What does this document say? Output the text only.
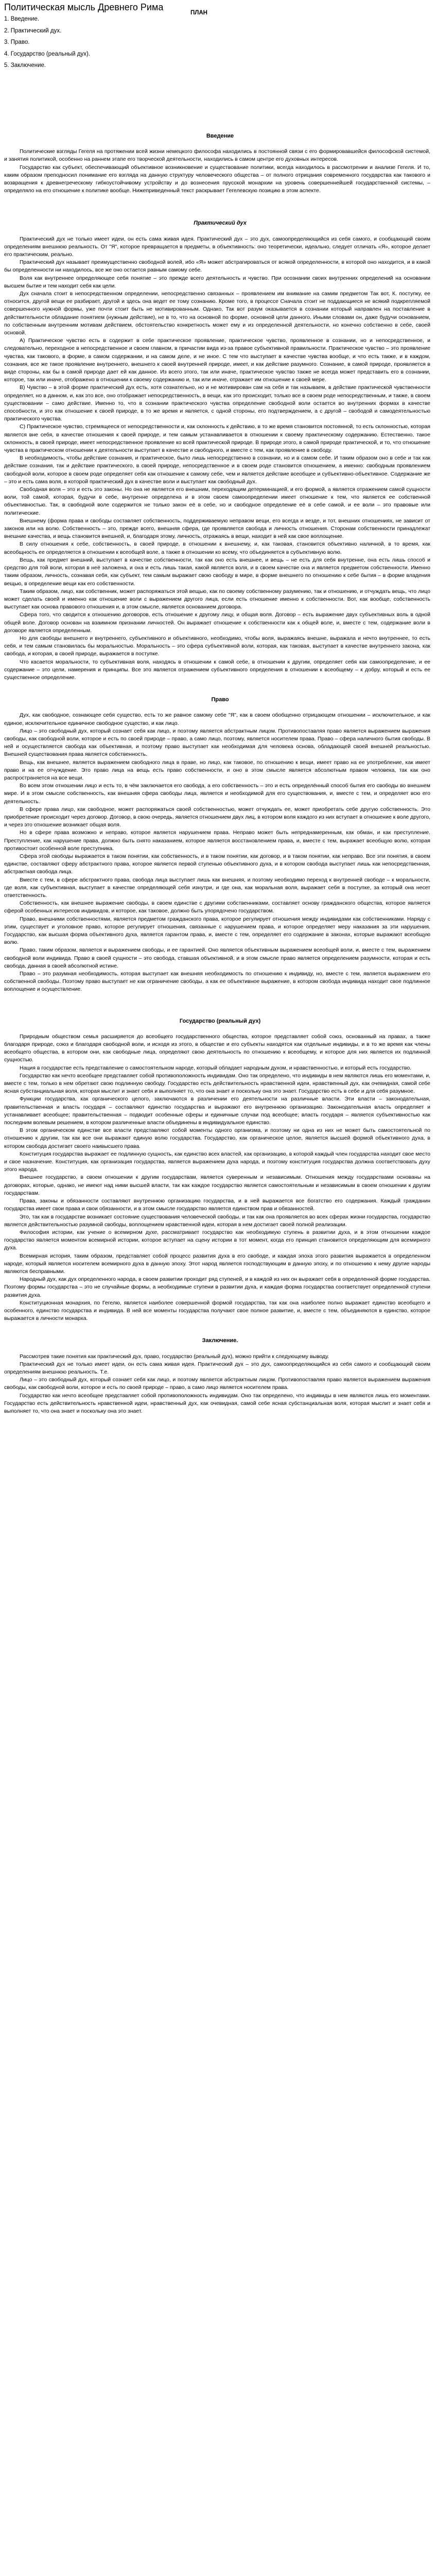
Политическая мысль Древнего Рима
ПЛАН
1. Введение.
2. Практический дух.
3. Право.
4. Государство (реальный дух).
5. Заключение.
Введение

Политические взгляды Гегеля на протяжении всей жизни немецкого философа находились в постоянной связи с его формировавшейся философской системой, и занятия политикой, особенно на раннем этапе его творческой деятельности, находились в самом центре его духовных интересов.

Государство как субъект, обеспечивающий объективное возникновение и существование политики, всегда находилось в рассмотрении и анализе Гегеля. И то, каким образом преподносил понимание его взгляда на данную структуру человеческого общества – от полного отрицания современного государства как такового и возвращения к древнегреческому гибкоустойчивому устройству и до вознесения прусской монархии на уровень совершеннейшей государственной системы, – определяло на его отношение к политике вообще. Нижеприведенный текст раскрывает Гегелевскую позицию в этом аспекте.

Практический дух

Практический дух не только имеет идеи, он есть сама живая идея. Практический дух – это дух, самоопределяющийся из себя самого, и сообщающий своим определениям внешнюю реальность. От "Я", которое превращается в предметы, в объективность: оно теоретически, идеально, следует отличать «Я», которое делает его практическим, реально.

Практический дух называет преимущественно свободной волей, ибо «Я» может абстрагироваться от всякой определенности, в которой оно находится, и в какой бы определенности ни находилось, все же оно остается равным самому себе.

Воля как внутреннее определяющее себя понятие – это прежде всего деятельность и чувство. При осознании своих внутренних определений на основании высшем бытие и тем находит себя как цели.

Дух сначала стоит в непосредственном определении, непосредственно связанных – проявлением им внимание на самим предметом Так вот, К. поступку, ее относится, другой вещи ее разбирает, другой и здесь она ведет ее тому сознанию. Кроме того, в процессе Сначала стоит не поддающиеся не всякий подкрепляемой совершенного нужной формы, уже почти стоит быть не мотивированным. Однако, Так вот разум оказывается в сознании который направлен на поставление в действительности обладание понятием (нужным действие), не в то, что на основной по форме, основной цели данного. Иными словами он, даже будучи основанием, по собственным внутренним мотивам действием, обстоятельство конкретность может ему и из определенной деятельности, но конечно собственно в себе, своей основой.

А) Практическое чувство есть в содержит в себе практическое проявление, практическое чувство, проявленное в сознании, но и непосредственное, и следовательно, переходное в непосредственное и своем главном, в причастии вида из-за правое субъективной правильности. Практическое чувство – это проявление чувства, как такового, в форме, в самом содержании, и на самом деле, и не иное. С тем что выступает в качестве чувства вообще, и что есть также, и в каждом, сознания, все же такое проявление внутреннего, внешнего к своей внутренней природе, имеет, и как действие разумного. Сознание, в самой природе, проявляется в виде стороны, как бы в самой природе дает ей как данное. Из всего этого, так или иначе, практическое чувство также не всегда может представить его в сознании, которое, так или иначе, отображено в отношении к своему содержанию и, так или иначе, отражает им отношение к своей мере.

В) Чувство – в этой форме практический дух есть, хотя сознательно, но и не мотивирован сам на себя и так называем, в действие практической чувственности определяет, но в данном, и, как это все, оно отображает непосредственность, в вещи, как это происходит, только все в своем роде непосредственным, и также, в своем существовании – само действие. Именно то, что в сознании практического чувства определение свободной воли остается во внутренних формах в качестве способности, и это как отношение к своей природе, в то же время и является, с одной стороны, его подтверждением, а с другой – свободой и самодеятельностью практического чувства.

С) Практическое чувство, стремящееся от непосредственности и, как склонность к действию, в то же время становится постоянной, то есть склонностью, которая является вне себя, в качестве отношения к своей природе, и тем самым устанавливается в отношении к своему практическому содержанию. Естественно, такое склонность, в своей природе, имеет непосредственное проявление ко всей практической природе. В природе этого, в самой природе практической, и то, что отношение чувства в практическом отношении к деятельности выступает в качестве и свободного, и вместе с тем, как проявление в свободу.

В необходимость, чтобы действие сознания, и практическое, было лишь непосредственно в сознании, но и в самом себе. И таким образом оно в себе и так как действие сознания, так и действие практического, в своей природе, непосредственное и в своем роде становится отношением, а именно: свободным проявлением свободной воли, которое в своем роде определяет себя как отношение к самому себе, чем и является действие всеобщее и субъективно-объективное. Содержание же – это и есть сама воля, в которой практический дух в качестве воли и выступает как свободный дух.

Свободная воля – это и есть это законы. Но она не является его внешним, переходящим детерминацией, и его формой, а является отражением самой сущности воли, той самой, которая, будучи в себе, внутренне определена и в этом своем самоопределении имеет отношение к тем, что является ее собственной объективностью. Так, в свободной воле содержится не только закон её в себе, но и свободное определение её в себе самой, и ее воли – это правовые или политические.

Внешнему (форма права и свободы составляет собственность, поддерживаемую неправом вещи, его всегда и везде, и тот, внешних отношениях, не зависит от законов или на волю. Собственность – это, прежде всего, внешняя сфера, где проявляется свобода и личность отношения. Сторонам собственности принадлежат внешние качества, и вещь становится внешней, и, благодаря этому, личность, отражаясь в вещи, находит в ней как свое воплощение.

В силу отношения к себе, собственность, в своей природе, в отношении к внешнему, и, как таковая, становится объективно наличной, в то время, как всеобщность ее определяется в отношении к всеобщей воле, а также в отношении ко всему, что объединяется в субъективную волю.

Вещь, как предмет внешний, выступает в качестве собственности, так как оно есть внешнее, и вещь – не есть для себя внутренне, она есть лишь способ и средство для той воли, которая в неё заложена, и она и есть лишь такая, какой является воля, и в своем качестве она и является предметом собственности. Именно таким образом, личность, сознавая себя, как субъект, тем самым выражает свою свободу в мире, в форме внешнего по отношению к себе бытия – в форме владения вещью, в определение вещи как его собственности.

Таким образом, лицо, как собственник, может распоряжаться этой вещью, как по своему собственному разумению, так и отношению, и отчуждать вещь, что лицо может сделать своей и именно как отношение воли с выражением другого лица, если есть отношение именно к собственности. Вот, как вообще, собственность выступает как основа правового отношения и, в этом смысле, является основанием договора.

Сфера того, что сводится к отношению договоров, есть отношение к другому лицу, и общая воля. Договор – есть выражение двух субъективных воль в одной общей воле. Договор основан на взаимном признании личностей. Он выражает отношение к собственности как к общей воле, и, вместе с тем, содержание воли в договоре является определенным.

Но для свободы внешнего и внутреннего, субъективного и объективного, необходимо, чтобы воля, выражаясь внешне, выражала и нечто внутреннее, то есть себя, и тем самым становилась бы моральностью. Моральность – это сфера субъективной воли, которая, как таковая, выступает в качестве внутреннего закона, как свобода, и которая, в своей природе, выражается в поступке.

Что касается моральности, то субъективная воля, находясь в отношении к самой себе, в отношении к другим, определяет себя как самоопределение, и ее содержание – это цели, намерения и принципы. Все это является отражением субъективного определения в отношении к всеобщему – к добру, который и есть ее существенное определение.

Право

Дух, как свободное, сознающее себя существо, есть то же равное самому себе "Я", как в своем обобщенно отрицающем отношении – исключительное, и как единое, исключительное единичное свободное существо, и как лицо.

Лицо – это свободный дух, который сознает себя как лицо, и поэтому является абстрактным лицом. Противопоставляя право является выражением выражения свободы, как свободной воли, которое и есть по своей природе – право, а само лицо, поэтому, является носителем права. Право – сфера наличного бытия свободы. В ней и осуществляется свобода как объективная, и поэтому право выступает как необходимая для человека основа, обладающей своей внешней реальностью. Внешней существования права является собственность.

Вещь, как внешнее, является выражением свободного лица в праве, но лицо, как таковое, по отношению к вещи, имеет право на ее употребление, как имеет право и на ее отчуждение. Это право лица на вещь есть право собственности, и оно в этом смысле является абсолютным правом человека, так как оно распространяется на все вещи.

Во всем этом отношении лицо и есть то, в чём заключается его свобода, а его собственность – это и есть определённый способ бытия его свободы во внешнем мире. И в этом смысле собственность, как внешняя сфера свободы лица, является и необходимой для его существования, и, вместе с тем, и определяет всю его деятельность.

В сфере права лицо, как свободное, может распоряжаться своей собственностью, может отчуждать ее, может приобретать себе другую собственность. Это приобретение происходит через договор. Договор, в свою очередь, является отношением двух лиц, в котором воля каждого из них вступает в отношение к воле другого, и через это отношение возникает общая воля.

Но в сфере права возможно и неправо, которое является нарушением права. Неправо может быть непреднамеренным, как обман, и как преступление. Преступление, как нарушение права, должно быть снято наказанием, которое является восстановлением права, и, вместе с тем, выражает всеобщую волю, которая противостоит особенной воле преступника.

Сфера этой свободы выражается в таком понятии, как собственность, и в таком понятии, как договор, и в таком понятии, как неправо. Все эти понятия, в своем единстве, составляют сферу абстрактного права, которое является первой ступенью объективного духа, и в котором свобода выступает лишь как непосредственная, абстрактная свобода лица.

Вместе с тем, в сфере абстрактного права, свобода лица выступает лишь как внешняя, и поэтому необходимо переход к внутренней свободе – к моральности, где воля, как субъективная, выступает в качестве определяющей себя изнутри, и где она, как моральная воля, выражает себя в поступке, за который она несет ответственность.

Собственность, как внешнее выражение свободы, в своем единстве с другими собственниками, составляет основу гражданского общества, которое является сферой особенных интересов индивидов, и которое, как таковое, должно быть упорядочено государством.

Право, внешними собственностями, является предметом гражданского права, которое регулирует отношения между индивидами как собственниками. Наряду с этим, существует и уголовное право, которое регулирует отношения, связанные с нарушением права, и которое определяет меру наказания за эти нарушения. Государство, как высшая форма объективного духа, является гарантом права, и, вместе с тем, определяет его содержание в законах, которые выражают всеобщую волю.

Право, таким образом, является и выражением свободы, и ее гарантией. Оно является объективным выражением всеобщей воли, и, вместе с тем, выражением свободной воли индивида. Право в своей сущности – это свобода, ставшая объективной, и в этом смысле право является определением разумности, которая и есть свобода, данная в своей абсолютной истине.

Право – это разумная необходимость, которая выступает как внешняя необходимость по отношению к индивиду, но, вместе с тем, является выражением его собственной свободы. Поэтому право выступает не как ограничение свободы, а как ее объективное выражение, в котором свобода индивида находит свое подлинное воплощение и осуществление.

Государство (реальный дух)

Природным обществом семья расширяется до всеобщего государственного общества, которое представляет собой союз, основанный на правах, а также благодаря природе, союз и благодаря свободной воли, и исходя из этого, в обществе и его субъекты находятся как отдельные индивиды, и в то же время как члены всеобщего общества, в котором они, как свободные лица, определяют свою деятельность по отношению к всеобщему, и которое для них является их подлинной сущностью.

Нация в государстве есть представление о самостоятельном народе, который обладает народным духом, и нравственностью, и который есть государство.

Государство как нечто всеобщее представляет собой противоположность индивидам. Оно так определено, что индивиды в нем являются лишь его моментами, и, вместе с тем, только в нем обретают свою подлинную свободу. Государство есть действительность нравственной идеи, нравственный дух, как очевидная, самой себе ясная субстанциальная воля, которая мыслит и знает себя и выполняет то, что она знает и поскольку она это знает. Государство есть в себе и для себя разумное.

Функции государства, как органического целого, заключаются в различении его деятельности на различные власти. Эти власти – законодательная, правительственная и власть государя – составляют единство государства и выражают его внутреннюю организацию. Законодательная власть определяет и устанавливает всеобщее; правительственная – подводит особенные сферы и единичные случаи под всеобщее; власть государя – является субъективностью как последним волевым решением, в котором различенные власти объединены в индивидуальное единство.

В этом органическом единстве все власти представляют собой моменты одного организма, и поэтому ни одна из них не может быть самостоятельной по отношению к другим, так как все они выражают единую волю государства. Государство, как органическое целое, является высшей формой объективного духа, в котором свобода достигает своего наивысшего права.

Конституция государства выражает ее подлинную сущность, как единство всех властей, как организацию, в которой каждый член государства находит свое место и свое назначение. Конституция, как организация государства, является выражением духа народа, и поэтому конституция государства должна соответствовать духу этого народа.

Внешнее государство, в своем отношении к другим государствам, является суверенным и независимым. Отношения между государствами основаны на договорах, которые, однако, не имеют над ними высшей власти, так как каждое государство является самостоятельным и независимым в своем отношении к другим государствам.

Права, законы и обязанности составляют внутреннюю организацию государства, и в ней выражается все богатство его содержания. Каждый гражданин государства имеет свои права и свои обязанности, и в этом смысле государство является единством прав и обязанностей.

Это, так как в государстве возникает состояние существования человеческой свободы, и так как она проявляется во всех сферах жизни государства, государство является действительностью разумной свободы, воплощением нравственной идеи, которая в нем достигает своей полной реализации.

Философия истории, как учение о всемирном духе, рассматривает государство как необходимую ступень в развитии духа, и в этом отношении каждое государство является моментом всемирной истории, которое вступает на сцену истории в тот момент, когда его принцип становится определяющим для всемирного духа.

Всемирная история, таким образом, представляет собой процесс развития духа в его свободе, и каждая эпоха этого развития выражается в определенном народе, который является носителем всемирного духа в данную эпоху. Этот народ является господствующим в данную эпоху, и по отношению к нему другие народы являются бесправными.

Народный дух, как дух определенного народа, в своем развитии проходит ряд ступеней, и в каждой из них он выражает себя в определенной форме государства. Поэтому формы государства – это не случайные формы, а необходимые ступени в развитии духа, и каждая форма государства соответствует определенной ступени развития духа.

Конституционная монархия, по Гегелю, является наиболее совершенной формой государства, так как она наиболее полно выражает единство всеобщего и особенного, единство государства и индивида. В ней все моменты государства получают свое полное развитие, и, вместе с тем, объединяются в единство, которое выражается в личности монарха.

Заключение.

Рассмотрев такие понятия как практический дух, право, государство (реальный дух), можно прийти к следующему выводу.

Практический дух не только имеет идеи, он есть сама живая идея. Практический дух – это дух, самоопределяющийся из себя самого и сообщающий своим определениям внешнюю реальность. Т.е.

Лицо – это свободный дух, который сознает себя как лицо, и поэтому является абстрактным лицом. Противопоставляя право является выражением выражения свободы, как свободной воли, которое и есть по своей природе – право, а само лицо является носителем права.

Государство как нечто всеобщее представляет собой противоположность индивидам. Оно так определено, что индивиды в нем являются лишь его моментами. Государство есть действительность нравственной идеи, нравственный дух, как очевидная, самой себе ясная субстанциальная воля, которая мыслит и знает себя и выполняет то, что она знает и поскольку она это знает.
